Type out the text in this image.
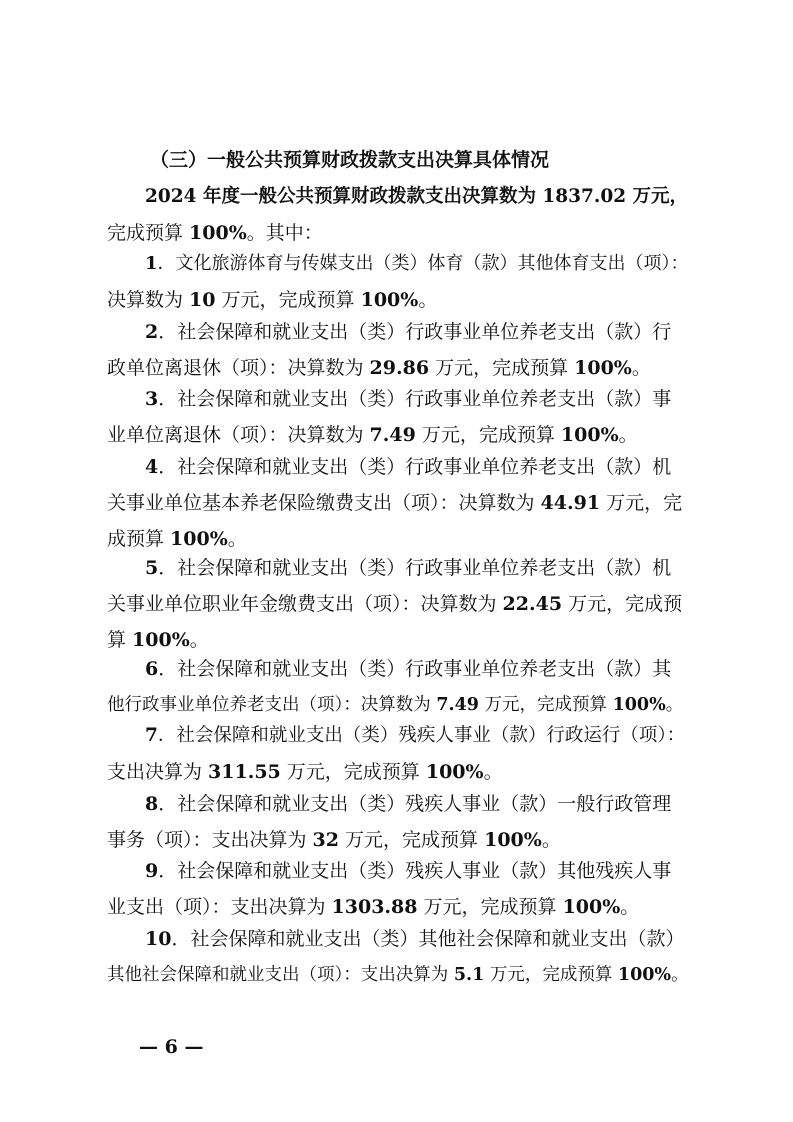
（三）一般公共预算财政拨款支出决算具体情况
2024 年度一般公共预算财政拨款支出决算数为 1837.02 万元，
完成预算 100%。其中：
1．文化旅游体育与传媒支出（类）体育（款）其他体育支出（项）：
决算数为 10 万元，完成预算 100%。
2．社会保障和就业支出（类）行政事业单位养老支出（款）行
政单位离退休（项）：决算数为 29.86 万元，完成预算 100%。
3．社会保障和就业支出（类）行政事业单位养老支出（款）事
业单位离退休（项）：决算数为 7.49 万元，完成预算 100%。
4．社会保障和就业支出（类）行政事业单位养老支出（款）机
关事业单位基本养老保险缴费支出（项）：决算数为 44.91 万元，完
成预算 100%。
5．社会保障和就业支出（类）行政事业单位养老支出（款）机
关事业单位职业年金缴费支出（项）：决算数为 22.45 万元，完成预
算 100%。
6．社会保障和就业支出（类）行政事业单位养老支出（款）其
他行政事业单位养老支出（项）：决算数为 7.49 万元，完成预算 100%。
7．社会保障和就业支出（类）残疾人事业（款）行政运行（项）：
支出决算为 311.55 万元，完成预算 100%。
8．社会保障和就业支出（类）残疾人事业（款）一般行政管理
事务（项）：支出决算为 32 万元，完成预算 100%。
9．社会保障和就业支出（类）残疾人事业（款）其他残疾人事
业支出（项）：支出决算为 1303.88 万元，完成预算 100%。
10．社会保障和就业支出（类）其他社会保障和就业支出（款）
其他社会保障和就业支出（项）：支出决算为 5.1 万元，完成预算 100%。
— 6 —
